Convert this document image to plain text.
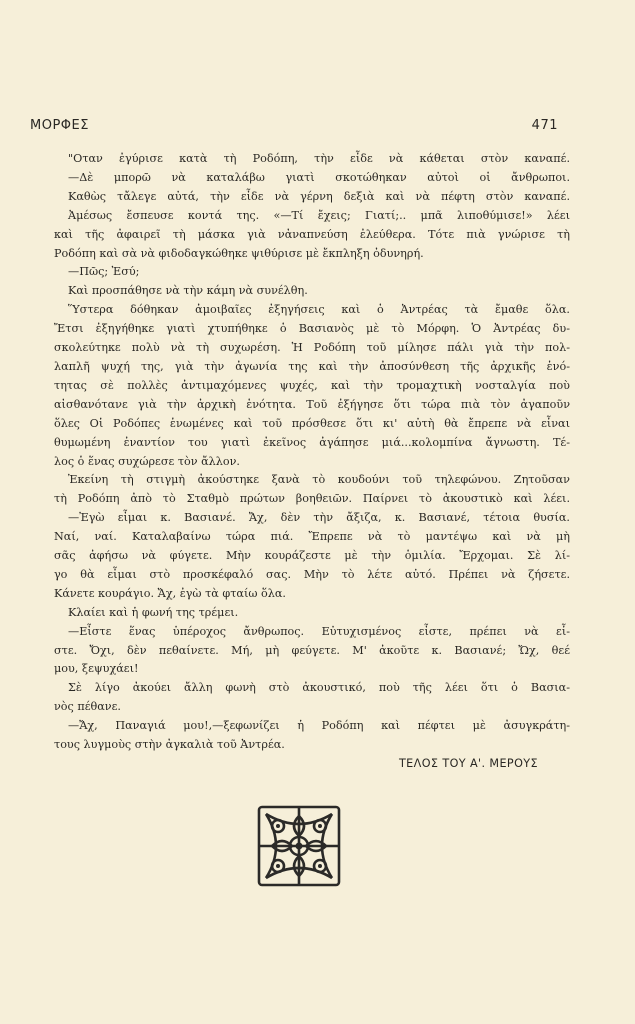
ΜΟΡΦΕΣ	471
"Οταν ἐγύρισε κατὰ τὴ Ροδόπη, τὴν εἶδε νὰ κάθεται στὸν καναπέ.
—Δὲ μπορῶ νὰ καταλάβω γιατὶ σκοτώθηκαν αὐτοὶ οἱ ἄνθρωποι.
Καθὼς τἄλεγε αὐτά, τὴν εἶδε νὰ γέρνη δεξιὰ καὶ νὰ πέφτη στὸν καναπέ.
Ἀμέσως ἔσπευσε κοντά της. «—Τί ἔχεις; Γιατί;.. μπᾶ λιποθύμισε!» λέει
καὶ τῆς ἀφαιρεῖ τὴ μάσκα γιὰ νἀναπνεύση ἐλεύθερα. Τότε πιὰ γνώρισε τὴ
Ροδόπη καὶ σὰ νὰ φιδοδαγκώθηκε ψιθύρισε μὲ ἔκπληξη ὀδυνηρή.
—Πῶς; Ἐσύ;
Καὶ προσπάθησε νὰ τὴν κάμη νὰ συνέλθη.
Ὕστερα δόθηκαν ἀμοιβαῖες ἐξηγήσεις καὶ ὁ Ἀντρέας τὰ ἔμαθε ὅλα.
Ἔτσι ἐξηγήθηκε γιατὶ χτυπήθηκε ὁ Βασιανὸς μὲ τὸ Μόρφη. Ὁ Ἀντρέας δυ-
σκολεύτηκε πολὺ νὰ τὴ συχωρέση. Ἡ Ροδόπη τοῦ μίλησε πάλι γιὰ τὴν πολ-
λαπλῆ ψυχή της, γιὰ τὴν ἀγωνία της καὶ τὴν ἀποσύνθεση τῆς ἀρχικῆς ἑνό-
τητας σὲ πολλὲς ἀντιμαχόμενες ψυχές, καὶ τὴν τρομαχτικὴ νοσταλγία ποὺ
αἰσθανότανε γιὰ τὴν ἀρχικὴ ἑνότητα. Τοῦ ἐξήγησε ὅτι τώρα πιὰ τὸν ἀγαποῦν
ὅλες Οἱ Ροδόπες ἑνωμένες καὶ τοῦ πρόσθεσε ὅτι κι' αὐτὴ θὰ ἔπρεπε νὰ εἶναι
θυμωμένη ἐναντίον του γιατὶ ἐκεῖνος ἀγάπησε μιά...κολομπίνα ἄγνωστη. Τέ-
λος ὁ ἕνας συχώρεσε τὸν ἄλλον.
Ἐκείνη τὴ στιγμὴ ἀκούστηκε ξανὰ τὸ κουδούνι τοῦ τηλεφώνου. Ζητοῦσαν
τὴ Ροδόπη ἀπὸ τὸ Σταθμὸ πρώτων βοηθειῶν. Παίρνει τὸ ἀκουστικὸ καὶ λέει.
—Ἐγὼ εἶμαι κ. Βασιανέ. Ἄχ, δὲν τὴν ἄξιζα, κ. Βασιανέ, τέτοια θυσία.
Ναί, ναί. Καταλαβαίνω τώρα πιά. Ἔπρεπε νὰ τὸ μαντέψω καὶ νὰ μὴ
σᾶς ἀφήσω νὰ φύγετε. Μὴν κουράζεστε μὲ τὴν ὁμιλία. Ἔρχομαι. Σὲ λί-
γο θὰ εἶμαι στὸ προσκέφαλό σας. Μὴν τὸ λέτε αὐτό. Πρέπει νὰ ζήσετε.
Κάνετε κουράγιο. Ἄχ, ἐγὼ τὰ φταίω ὅλα.
Κλαίει καὶ ἡ φωνή της τρέμει.
—Εἶστε ἕνας ὑπέροχος ἄνθρωπος. Εὐτυχισμένος εἶστε, πρέπει νὰ εἶ-
στε. Ὄχι, δὲν πεθαίνετε. Μή, μὴ φεύγετε. Μ' ἀκοῦτε κ. Βασιανέ; Ὤχ, θεέ
μου, ξεψυχάει!
Σὲ λίγο ἀκούει ἄλλη φωνὴ στὸ ἀκουστικό, ποὺ τῆς λέει ὅτι ὁ Βασια-
νὸς πέθανε.
—Ἄχ, Παναγιά μου!,—ξεφωνίζει ἡ Ροδόπη καὶ πέφτει μὲ ἀσυγκράτη-
τους λυγμοὺς στὴν ἀγκαλιὰ τοῦ Ἀντρέα.
ΤΕΛΟΣ ΤΟΥ Α'. ΜΕΡΟΥΣ
